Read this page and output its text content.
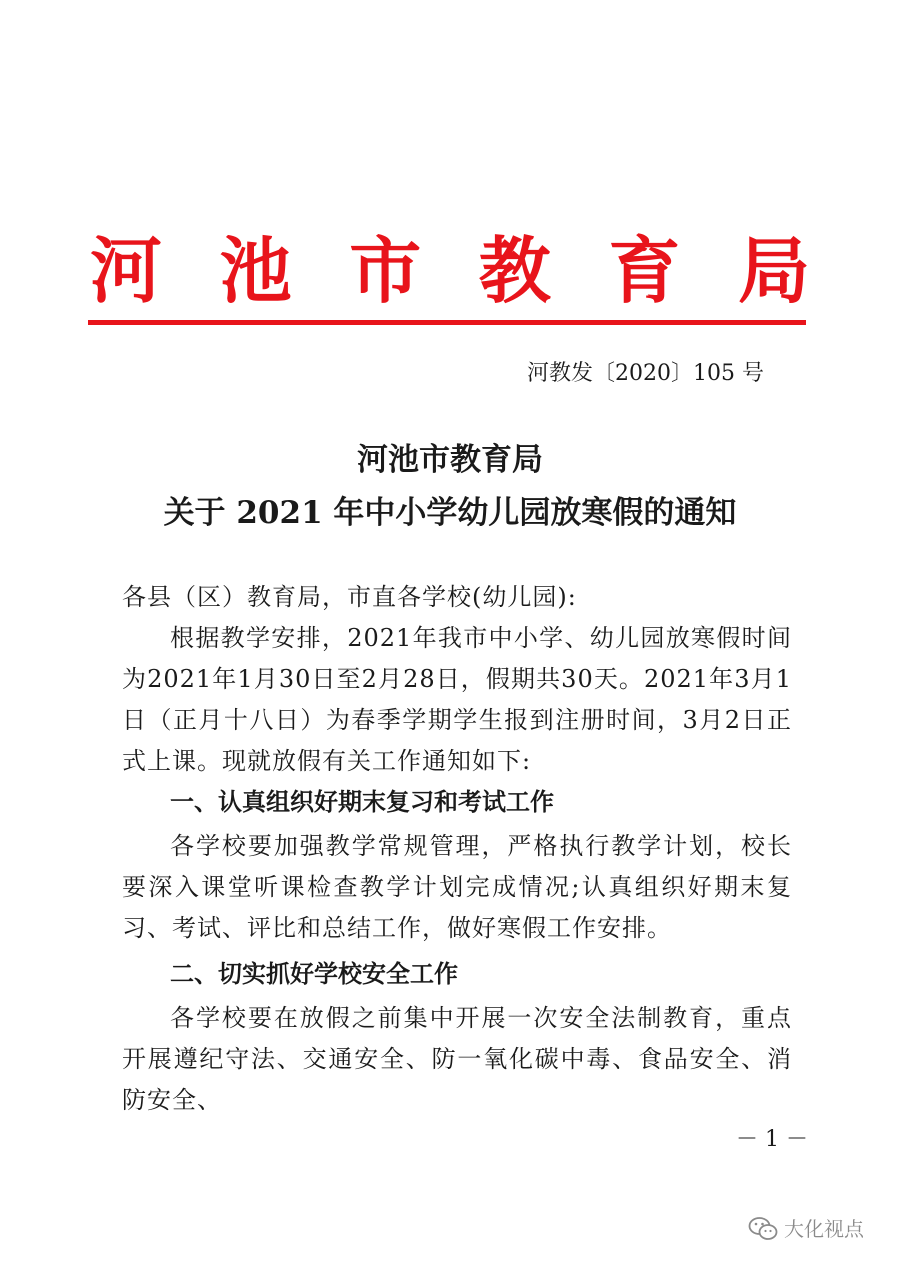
河 池 市 教 育 局
河教发〔2020〕105 号
河池市教育局
关于 2021 年中小学幼儿园放寒假的通知

各县（区）教育局，市直各学校(幼儿园):

根据教学安排，2021年我市中小学、幼儿园放寒假时间为2021年1月30日至2月28日，假期共30天。2021年3月1日（正月十八日）为春季学期学生报到注册时间，3月2日正式上课。现就放假有关工作通知如下:

一、认真组织好期末复习和考试工作

各学校要加强教学常规管理，严格执行教学计划，校长要深入课堂听课检查教学计划完成情况;认真组织好期末复习、考试、评比和总结工作，做好寒假工作安排。

二、切实抓好学校安全工作

各学校要在放假之前集中开展一次安全法制教育，重点开展遵纪守法、交通安全、防一氧化碳中毒、食品安全、消防安全、

－ 1 －
大化视点
